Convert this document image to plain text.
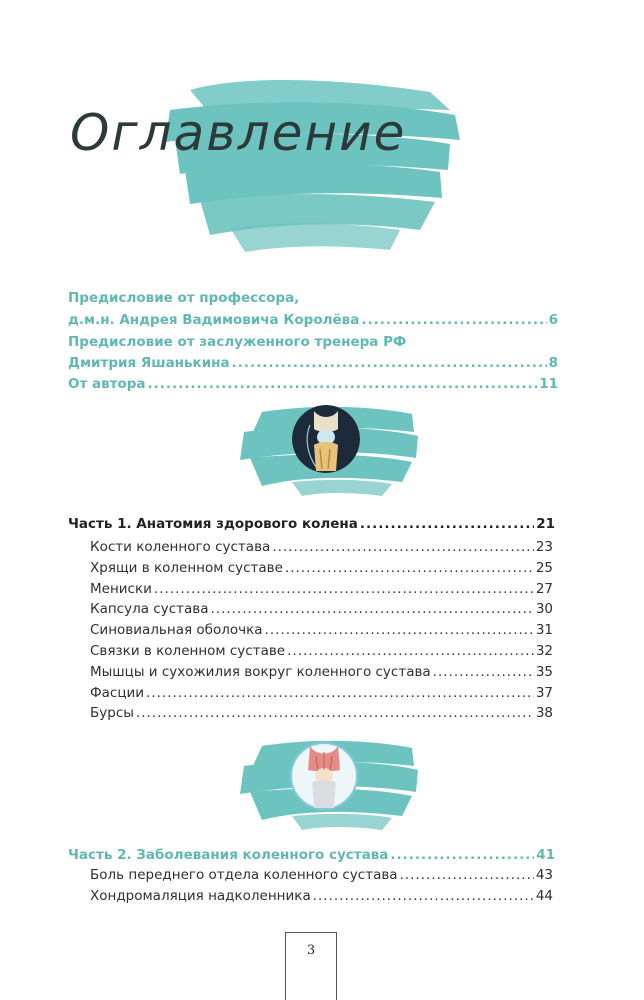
Оглавление
Предисловие от профессора,
д.м.н. Андрея Вадимовича Королёва .....	6
Предисловие от заслуженного тренера РФ
Дмитрия Яшанькина .....	8
От автора .....	11
Часть 1. Анатомия здорового колена .....	21
Кости коленного сустава .....	23
Хрящи в коленном суставе .....	25
Мениски .....	27
Капсула сустава .....	30
Синовиальная оболочка .....	31
Связки в коленном суставе .....	32
Мышцы и сухожилия вокруг коленного сустава .....	35
Фасции .....	37
Бурсы .....	38
Часть 2. Заболевания коленного сустава .....	41
Боль переднего отдела коленного сустава .....	43
Хондромаляция надколенника .....	44
3
